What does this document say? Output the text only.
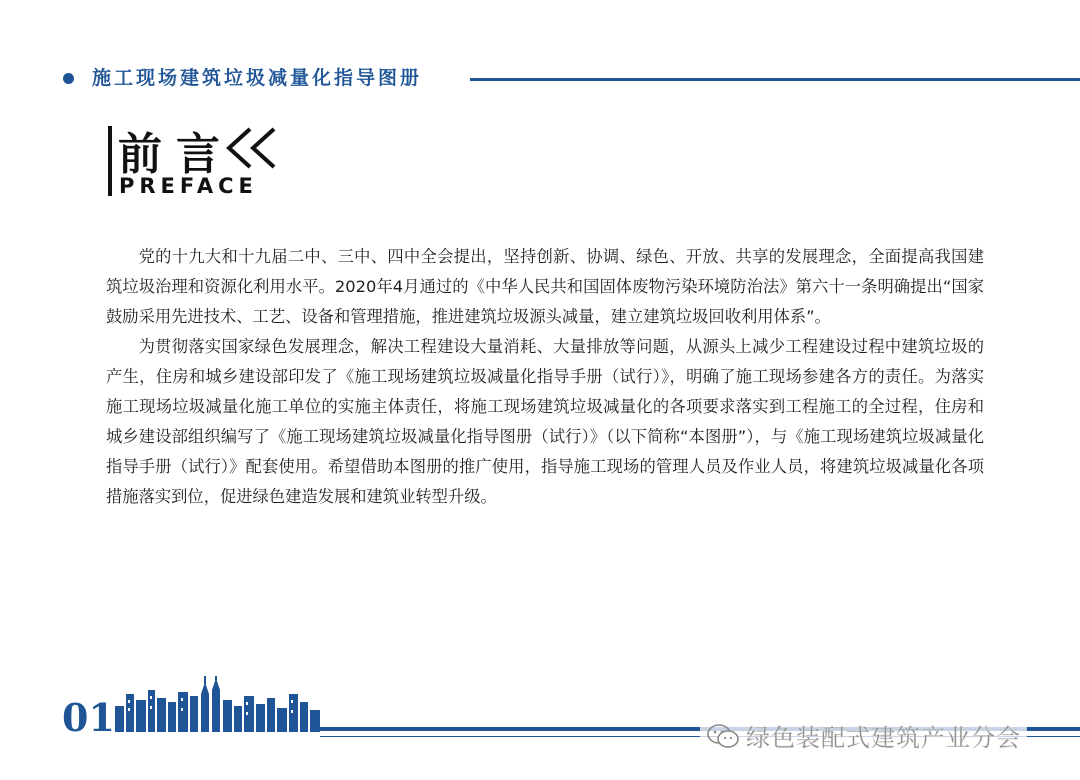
施工现场建筑垃圾减量化指导图册
前言
PREFACE

党的十九大和十九届二中、三中、四中全会提出，坚持创新、协调、绿色、开放、共享的发展理念，全面提高我国建筑垃圾治理和资源化利用水平。2020年4月通过的《中华人民共和国固体废物污染环境防治法》第六十一条明确提出“国家鼓励采用先进技术、工艺、设备和管理措施，推进建筑垃圾源头减量，建立建筑垃圾回收利用体系”。

为贯彻落实国家绿色发展理念，解决工程建设大量消耗、大量排放等问题，从源头上减少工程建设过程中建筑垃圾的产生，住房和城乡建设部印发了《施工现场建筑垃圾减量化指导手册（试行）》，明确了施工现场参建各方的责任。为落实施工现场垃圾减量化施工单位的实施主体责任，将施工现场建筑垃圾减量化的各项要求落实到工程施工的全过程，住房和城乡建设部组织编写了《施工现场建筑垃圾减量化指导图册（试行）》（以下简称“本图册”），与《施工现场建筑垃圾减量化指导手册（试行）》配套使用。希望借助本图册的推广使用，指导施工现场的管理人员及作业人员，将建筑垃圾减量化各项措施落实到位，促进绿色建造发展和建筑业转型升级。

01	绿色装配式建筑产业分会
